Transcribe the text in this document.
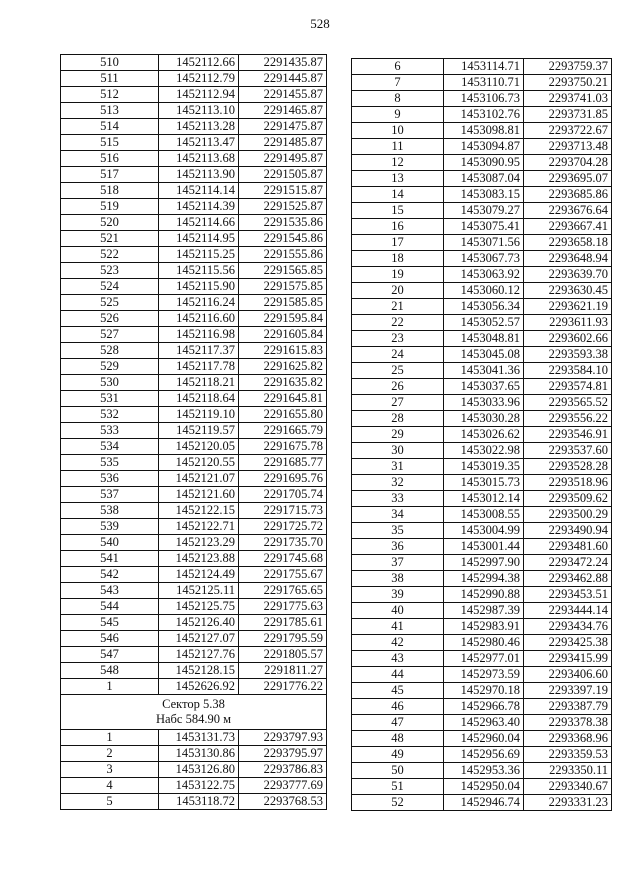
528
510	1452112.66	2291435.87
511	1452112.79	2291445.87
512	1452112.94	2291455.87
513	1452113.10	2291465.87
514	1452113.28	2291475.87
515	1452113.47	2291485.87
516	1452113.68	2291495.87
517	1452113.90	2291505.87
518	1452114.14	2291515.87
519	1452114.39	2291525.87
520	1452114.66	2291535.86
521	1452114.95	2291545.86
522	1452115.25	2291555.86
523	1452115.56	2291565.85
524	1452115.90	2291575.85
525	1452116.24	2291585.85
526	1452116.60	2291595.84
527	1452116.98	2291605.84
528	1452117.37	2291615.83
529	1452117.78	2291625.82
530	1452118.21	2291635.82
531	1452118.64	2291645.81
532	1452119.10	2291655.80
533	1452119.57	2291665.79
534	1452120.05	2291675.78
535	1452120.55	2291685.77
536	1452121.07	2291695.76
537	1452121.60	2291705.74
538	1452122.15	2291715.73
539	1452122.71	2291725.72
540	1452123.29	2291735.70
541	1452123.88	2291745.68
542	1452124.49	2291755.67
543	1452125.11	2291765.65
544	1452125.75	2291775.63
545	1452126.40	2291785.61
546	1452127.07	2291795.59
547	1452127.76	2291805.57
548	1452128.15	2291811.27
1	1452626.92	2291776.22

Сектор 5.38
Набс 584.90 м		

1	1453131.73	2293797.93
2	1453130.86	2293795.97
3	1453126.80	2293786.83
4	1453122.75	2293777.69
5	1453118.72	2293768.53
6	1453114.71	2293759.37
7	1453110.71	2293750.21
8	1453106.73	2293741.03
9	1453102.76	2293731.85
10	1453098.81	2293722.67
11	1453094.87	2293713.48
12	1453090.95	2293704.28
13	1453087.04	2293695.07
14	1453083.15	2293685.86
15	1453079.27	2293676.64
16	1453075.41	2293667.41
17	1453071.56	2293658.18
18	1453067.73	2293648.94
19	1453063.92	2293639.70
20	1453060.12	2293630.45
21	1453056.34	2293621.19
22	1453052.57	2293611.93
23	1453048.81	2293602.66
24	1453045.08	2293593.38
25	1453041.36	2293584.10
26	1453037.65	2293574.81
27	1453033.96	2293565.52
28	1453030.28	2293556.22
29	1453026.62	2293546.91
30	1453022.98	2293537.60
31	1453019.35	2293528.28
32	1453015.73	2293518.96
33	1453012.14	2293509.62
34	1453008.55	2293500.29
35	1453004.99	2293490.94
36	1453001.44	2293481.60
37	1452997.90	2293472.24
38	1452994.38	2293462.88
39	1452990.88	2293453.51
40	1452987.39	2293444.14
41	1452983.91	2293434.76
42	1452980.46	2293425.38
43	1452977.01	2293415.99
44	1452973.59	2293406.60
45	1452970.18	2293397.19
46	1452966.78	2293387.79
47	1452963.40	2293378.38
48	1452960.04	2293368.96
49	1452956.69	2293359.53
50	1452953.36	2293350.11
51	1452950.04	2293340.67
52	1452946.74	2293331.23
